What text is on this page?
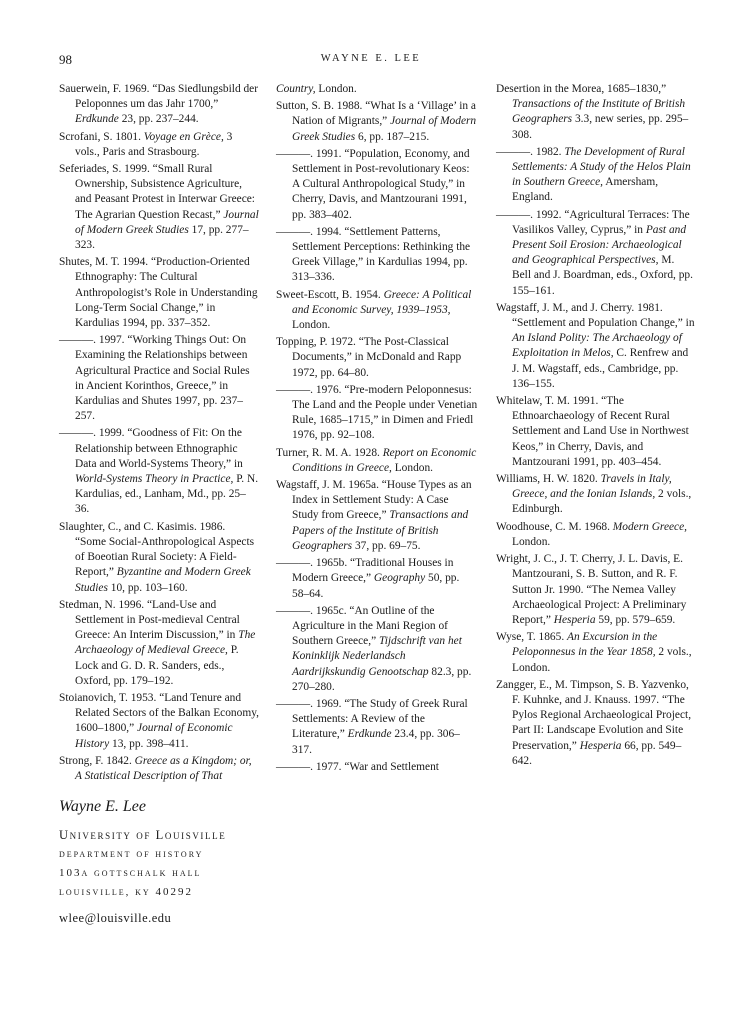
98	WAYNE E. LEE

Sauerwein, F. 1969. “Das Siedlungsbild der Peloponnes um das Jahr 1700,” Erdkunde 23, pp. 237–244.

Scrofani, S. 1801. Voyage en Grèce, 3 vols., Paris and Strasbourg.

Seferiades, S. 1999. “Small Rural Ownership, Subsistence Agriculture, and Peasant Protest in Interwar Greece: The Agrarian Question Recast,” Journal of Modern Greek Studies 17, pp. 277–323.

Shutes, M. T. 1994. “Production-Oriented Ethnography: The Cultural Anthropologist’s Role in Understanding Long-Term Social Change,” in Kardulias 1994, pp. 337–352.

———. 1997. “Working Things Out: On Examining the Relationships between Agricultural Practice and Social Rules in Ancient Korinthos, Greece,” in Kardulias and Shutes 1997, pp. 237–257.

———. 1999. “Goodness of Fit: On the Relationship between Ethnographic Data and World-Systems Theory,” in World-Systems Theory in Practice, P. N. Kardulias, ed., Lanham, Md., pp. 25–36.

Slaughter, C., and C. Kasimis. 1986. “Some Social-Anthropological Aspects of Boeotian Rural Society: A Field-Report,” Byzantine and Modern Greek Studies 10, pp. 103–160.

Stedman, N. 1996. “Land-Use and Settlement in Post-medieval Central Greece: An Interim Discussion,” in The Archaeology of Medieval Greece, P. Lock and G. D. R. Sanders, eds., Oxford, pp. 179–192.

Stoianovich, T. 1953. “Land Tenure and Related Sectors of the Balkan Economy, 1600–1800,” Journal of Economic History 13, pp. 398–411.

Strong, F. 1842. Greece as a Kingdom; or, A Statistical Description of That

Country, London.

Sutton, S. B. 1988. “What Is a ‘Village’ in a Nation of Migrants,” Journal of Modern Greek Studies 6, pp. 187–215.

———. 1991. “Population, Economy, and Settlement in Post-revolutionary Keos: A Cultural Anthropological Study,” in Cherry, Davis, and Mantzourani 1991, pp. 383–402.

———. 1994. “Settlement Patterns, Settlement Perceptions: Rethinking the Greek Village,” in Kardulias 1994, pp. 313–336.

Sweet-Escott, B. 1954. Greece: A Political and Economic Survey, 1939–1953, London.

Topping, P. 1972. “The Post-Classical Documents,” in McDonald and Rapp 1972, pp. 64–80.

———. 1976. “Pre-modern Peloponnesus: The Land and the People under Venetian Rule, 1685–1715,” in Dimen and Friedl 1976, pp. 92–108.

Turner, R. M. A. 1928. Report on Economic Conditions in Greece, London.

Wagstaff, J. M. 1965a. “House Types as an Index in Settlement Study: A Case Study from Greece,” Transactions and Papers of the Institute of British Geographers 37, pp. 69–75.

———. 1965b. “Traditional Houses in Modern Greece,” Geography 50, pp. 58–64.

———. 1965c. “An Outline of the Agriculture in the Mani Region of Southern Greece,” Tijdschrift van het Koninklijk Nederlandsch Aardrijkskundig Genootschap 82.3, pp. 270–280.

———. 1969. “The Study of Greek Rural Settlements: A Review of the Literature,” Erdkunde 23.4, pp. 306–317.

———. 1977. “War and Settlement

Desertion in the Morea, 1685–1830,” Transactions of the Institute of British Geographers 3.3, new series, pp. 295–308.

———. 1982. The Development of Rural Settlements: A Study of the Helos Plain in Southern Greece, Amersham, England.

———. 1992. “Agricultural Terraces: The Vasilikos Valley, Cyprus,” in Past and Present Soil Erosion: Archaeological and Geographical Perspectives, M. Bell and J. Boardman, eds., Oxford, pp. 155–161.

Wagstaff, J. M., and J. Cherry. 1981. “Settlement and Population Change,” in An Island Polity: The Archaeology of Exploitation in Melos, C. Renfrew and J. M. Wagstaff, eds., Cambridge, pp. 136–155.

Whitelaw, T. M. 1991. “The Ethnoarchaeology of Recent Rural Settlement and Land Use in Northwest Keos,” in Cherry, Davis, and Mantzourani 1991, pp. 403–454.

Williams, H. W. 1820. Travels in Italy, Greece, and the Ionian Islands, 2 vols., Edinburgh.

Woodhouse, C. M. 1968. Modern Greece, London.

Wright, J. C., J. T. Cherry, J. L. Davis, E. Mantzourani, S. B. Sutton, and R. F. Sutton Jr. 1990. “The Nemea Valley Archaeological Project: A Preliminary Report,” Hesperia 59, pp. 579–659.

Wyse, T. 1865. An Excursion in the Peloponnesus in the Year 1858, 2 vols., London.

Zangger, E., M. Timpson, S. B. Yazvenko, F. Kuhnke, and J. Knauss. 1997. “The Pylos Regional Archaeological Project, Part II: Landscape Evolution and Site Preservation,” Hesperia 66, pp. 549–642.

Wayne E. Lee
University of Louisville
department of history
103a gottschalk hall
louisville, ky 40292
wlee@louisville.edu
